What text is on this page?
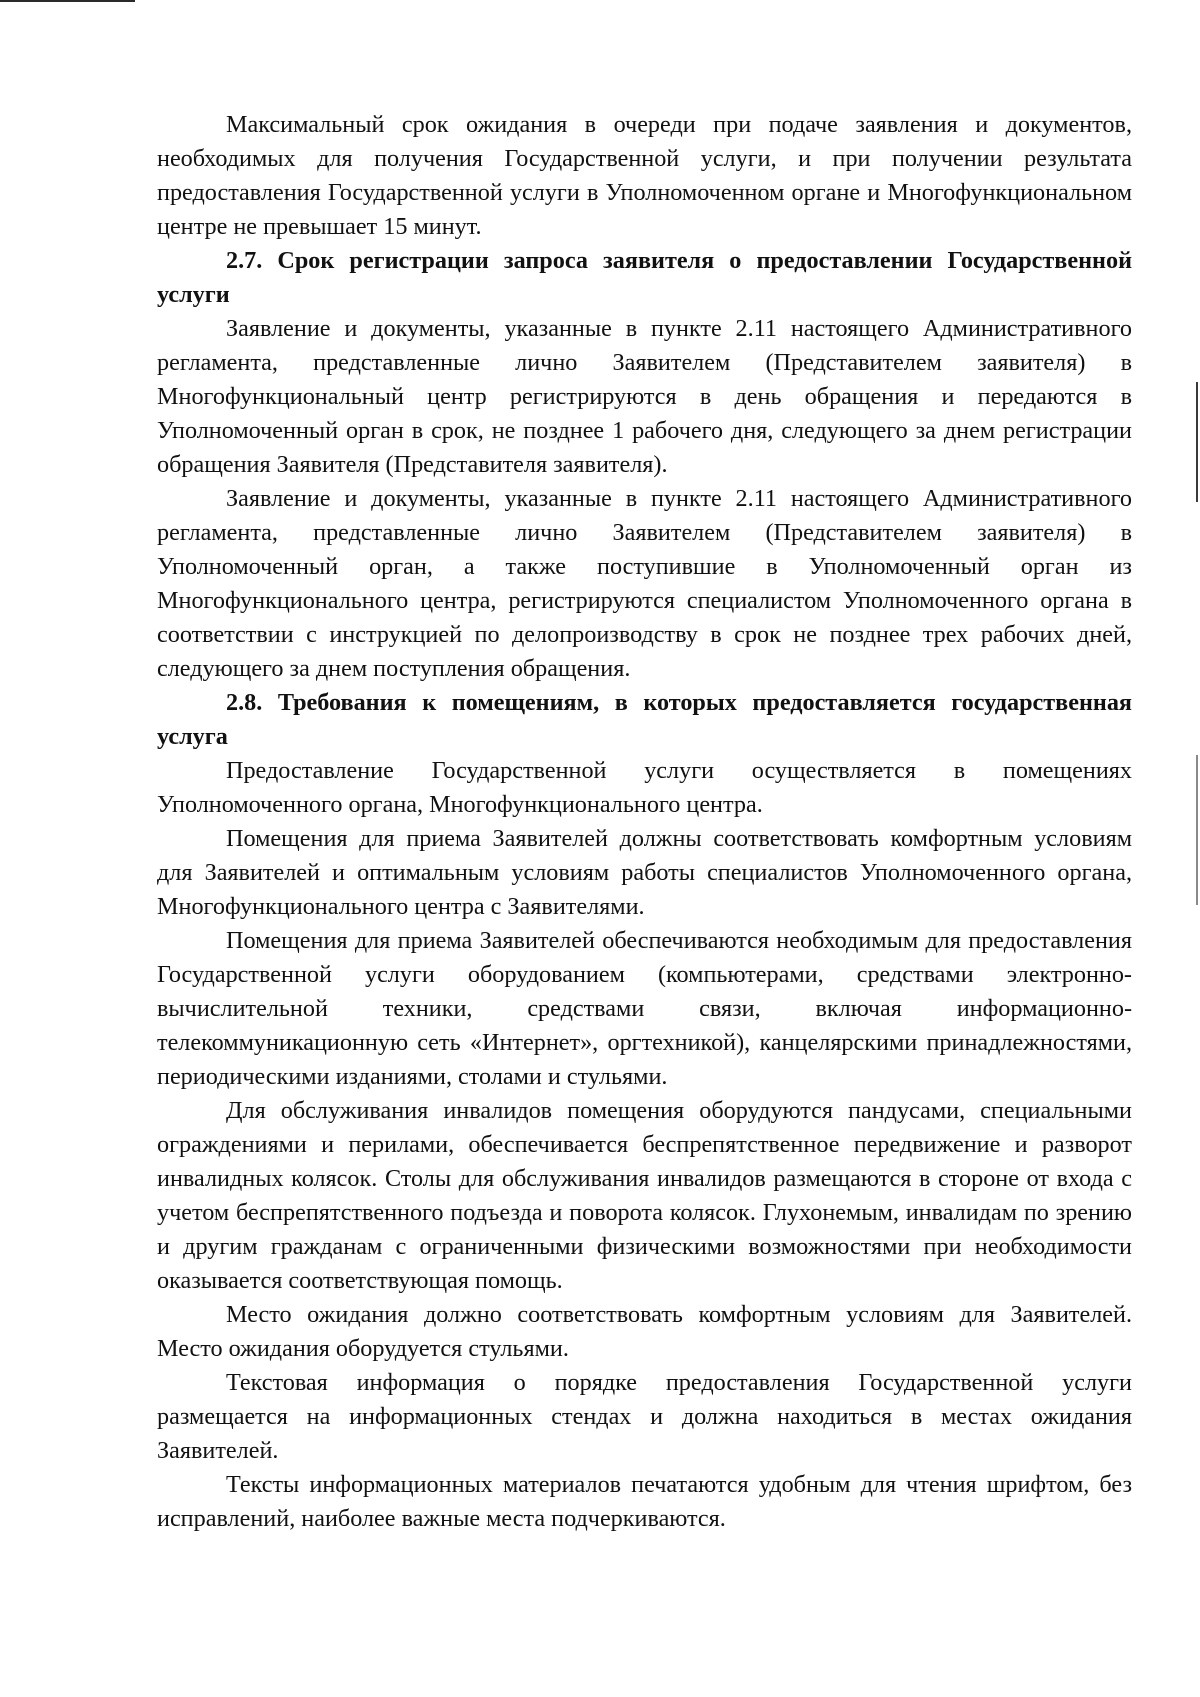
Максимальный срок ожидания в очереди при подаче заявления и документов, необходимых для получения Государственной услуги, и при получении результата предоставления Государственной услуги в Уполномоченном органе и Многофункциональном центре не превышает 15 минут.

2.7. Срок регистрации запроса заявителя о предоставлении Государственной услуги

Заявление и документы, указанные в пункте 2.11 настоящего Административного регламента, представленные лично Заявителем (Представителем заявителя) в Многофункциональный центр регистрируются в день обращения и передаются в Уполномоченный орган в срок, не позднее 1 рабочего дня, следующего за днем регистрации обращения Заявителя (Представителя заявителя).

Заявление и документы, указанные в пункте 2.11 настоящего Административного регламента, представленные лично Заявителем (Представителем заявителя) в Уполномоченный орган, а также поступившие в Уполномоченный орган из Многофункционального центра, регистрируются специалистом Уполномоченного органа в соответствии с инструкцией по делопроизводству в срок не позднее трех рабочих дней, следующего за днем поступления обращения.

2.8. Требования к помещениям, в которых предоставляется государственная услуга

Предоставление Государственной услуги осуществляется в помещениях Уполномоченного органа, Многофункционального центра.

Помещения для приема Заявителей должны соответствовать комфортным условиям для Заявителей и оптимальным условиям работы специалистов Уполномоченного органа, Многофункционального центра с Заявителями.

Помещения для приема Заявителей обеспечиваются необходимым для предоставления Государственной услуги оборудованием (компьютерами, средствами электронно-вычислительной техники, средствами связи, включая информационно-телекоммуникационную сеть «Интернет», оргтехникой), канцелярскими принадлежностями, периодическими изданиями, столами и стульями.

Для обслуживания инвалидов помещения оборудуются пандусами, специальными ограждениями и перилами, обеспечивается беспрепятственное передвижение и разворот инвалидных колясок. Столы для обслуживания инвалидов размещаются в стороне от входа с учетом беспрепятственного подъезда и поворота колясок. Глухонемым, инвалидам по зрению и другим гражданам с ограниченными физическими возможностями при необходимости оказывается соответствующая помощь.

Место ожидания должно соответствовать комфортным условиям для Заявителей. Место ожидания оборудуется стульями.

Текстовая информация о порядке предоставления Государственной услуги размещается на информационных стендах и должна находиться в местах ожидания Заявителей.

Тексты информационных материалов печатаются удобным для чтения шрифтом, без исправлений, наиболее важные места подчеркиваются.
